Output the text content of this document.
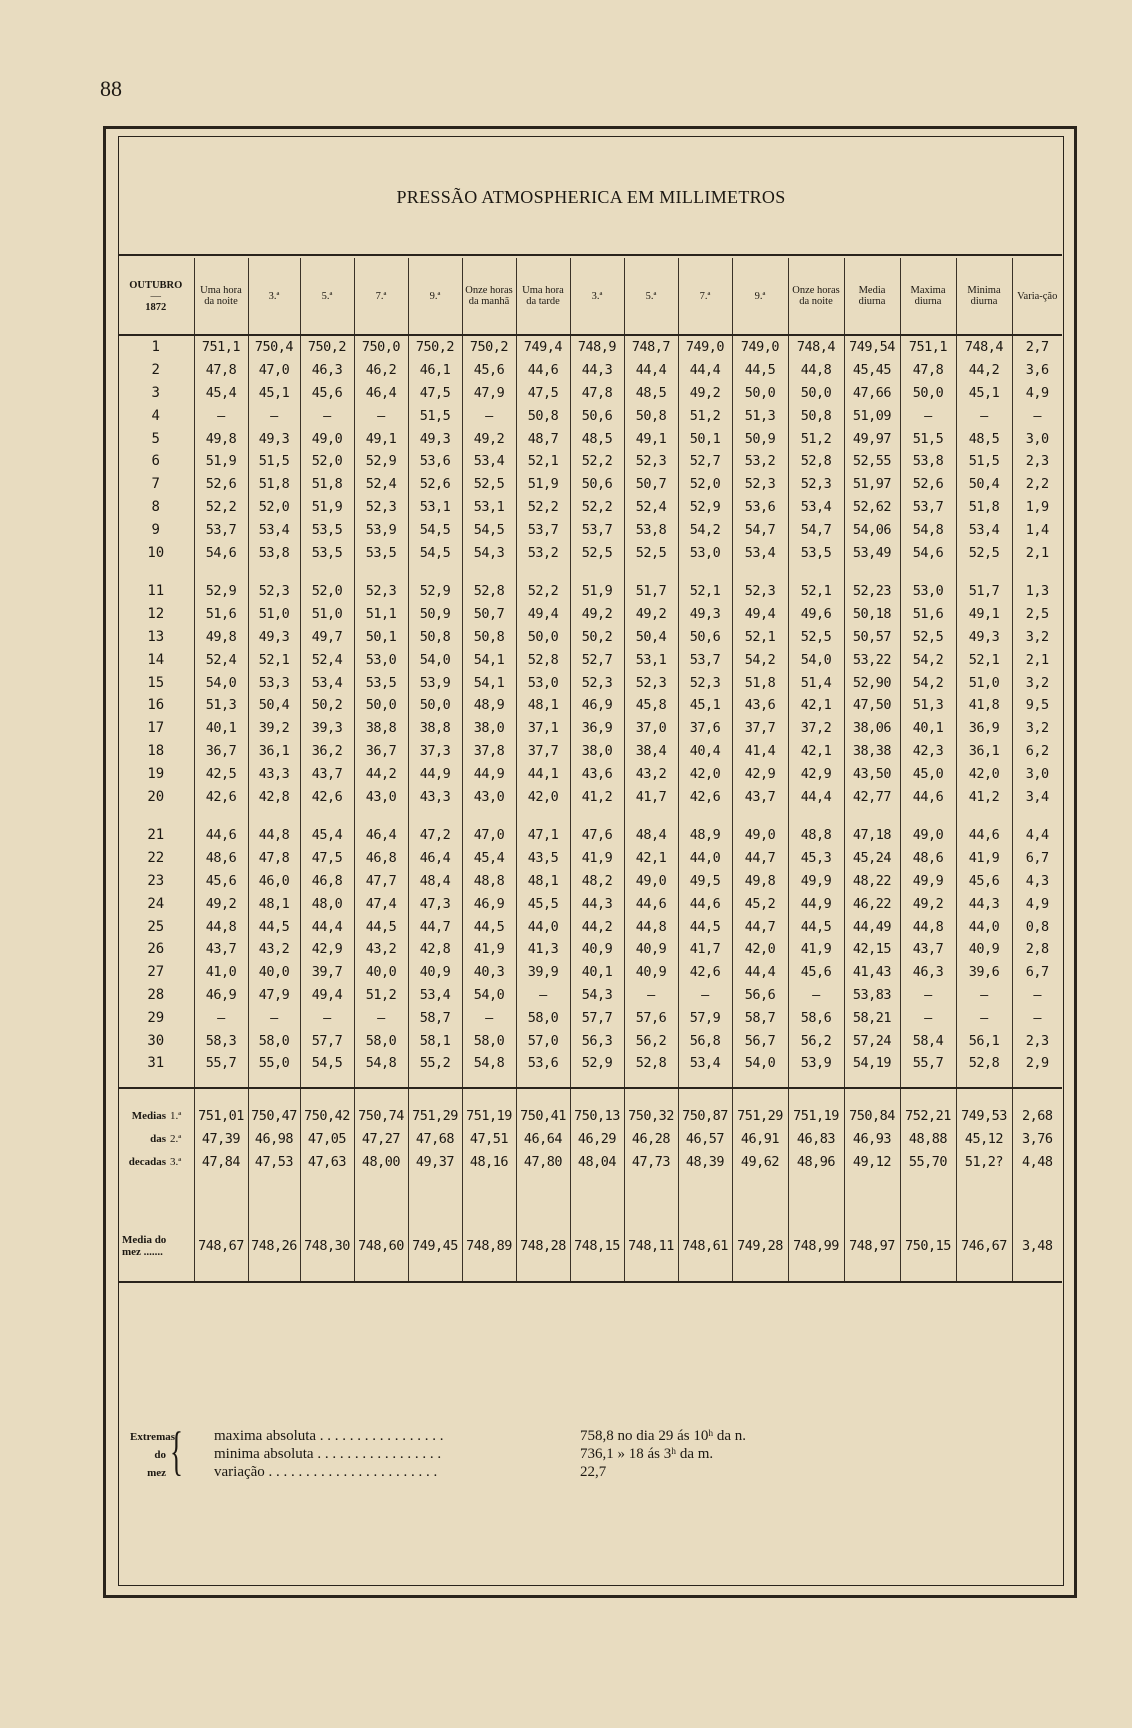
88
PRESSÃO ATMOSPHERICA EM MILLIMETROS
OUTUBRO
—
1872	Uma hora da noite	3.ª	5.ª	7.ª	9.ª	Onze horas da manhã	Uma hora da tarde	3.ª	5.ª	7.ª	9.ª	Onze horas da noite	Media diurna	Maxima diurna	Minima diurna	Varia-ção
1	751,1	750,4	750,2	750,0	750,2	750,2	749,4	748,9	748,7	749,0	749,0	748,4	749,54	751,1	748,4	2,7
2	47,8	47,0	46,3	46,2	46,1	45,6	44,6	44,3	44,4	44,4	44,5	44,8	45,45	47,8	44,2	3,6
3	45,4	45,1	45,6	46,4	47,5	47,9	47,5	47,8	48,5	49,2	50,0	50,0	47,66	50,0	45,1	4,9
4	—	—	—	—	51,5	—	50,8	50,6	50,8	51,2	51,3	50,8	51,09	—	—	—
5	49,8	49,3	49,0	49,1	49,3	49,2	48,7	48,5	49,1	50,1	50,9	51,2	49,97	51,5	48,5	3,0
6	51,9	51,5	52,0	52,9	53,6	53,4	52,1	52,2	52,3	52,7	53,2	52,8	52,55	53,8	51,5	2,3
7	52,6	51,8	51,8	52,4	52,6	52,5	51,9	50,6	50,7	52,0	52,3	52,3	51,97	52,6	50,4	2,2
8	52,2	52,0	51,9	52,3	53,1	53,1	52,2	52,2	52,4	52,9	53,6	53,4	52,62	53,7	51,8	1,9
9	53,7	53,4	53,5	53,9	54,5	54,5	53,7	53,7	53,8	54,2	54,7	54,7	54,06	54,8	53,4	1,4
10	54,6	53,8	53,5	53,5	54,5	54,3	53,2	52,5	52,5	53,0	53,4	53,5	53,49	54,6	52,5	2,1

11	52,9	52,3	52,0	52,3	52,9	52,8	52,2	51,9	51,7	52,1	52,3	52,1	52,23	53,0	51,7	1,3
12	51,6	51,0	51,0	51,1	50,9	50,7	49,4	49,2	49,2	49,3	49,4	49,6	50,18	51,6	49,1	2,5
13	49,8	49,3	49,7	50,1	50,8	50,8	50,0	50,2	50,4	50,6	52,1	52,5	50,57	52,5	49,3	3,2
14	52,4	52,1	52,4	53,0	54,0	54,1	52,8	52,7	53,1	53,7	54,2	54,0	53,22	54,2	52,1	2,1
15	54,0	53,3	53,4	53,5	53,9	54,1	53,0	52,3	52,3	52,3	51,8	51,4	52,90	54,2	51,0	3,2
16	51,3	50,4	50,2	50,0	50,0	48,9	48,1	46,9	45,8	45,1	43,6	42,1	47,50	51,3	41,8	9,5
17	40,1	39,2	39,3	38,8	38,8	38,0	37,1	36,9	37,0	37,6	37,7	37,2	38,06	40,1	36,9	3,2
18	36,7	36,1	36,2	36,7	37,3	37,8	37,7	38,0	38,4	40,4	41,4	42,1	38,38	42,3	36,1	6,2
19	42,5	43,3	43,7	44,2	44,9	44,9	44,1	43,6	43,2	42,0	42,9	42,9	43,50	45,0	42,0	3,0
20	42,6	42,8	42,6	43,0	43,3	43,0	42,0	41,2	41,7	42,6	43,7	44,4	42,77	44,6	41,2	3,4

21	44,6	44,8	45,4	46,4	47,2	47,0	47,1	47,6	48,4	48,9	49,0	48,8	47,18	49,0	44,6	4,4
22	48,6	47,8	47,5	46,8	46,4	45,4	43,5	41,9	42,1	44,0	44,7	45,3	45,24	48,6	41,9	6,7
23	45,6	46,0	46,8	47,7	48,4	48,8	48,1	48,2	49,0	49,5	49,8	49,9	48,22	49,9	45,6	4,3
24	49,2	48,1	48,0	47,4	47,3	46,9	45,5	44,3	44,6	44,6	45,2	44,9	46,22	49,2	44,3	4,9
25	44,8	44,5	44,4	44,5	44,7	44,5	44,0	44,2	44,8	44,5	44,7	44,5	44,49	44,8	44,0	0,8
26	43,7	43,2	42,9	43,2	42,8	41,9	41,3	40,9	40,9	41,7	42,0	41,9	42,15	43,7	40,9	2,8
27	41,0	40,0	39,7	40,0	40,9	40,3	39,9	40,1	40,9	42,6	44,4	45,6	41,43	46,3	39,6	6,7
28	46,9	47,9	49,4	51,2	53,4	54,0	—	54,3	—	—	56,6	—	53,83	—	—	—
29	—	—	—	—	58,7	—	58,0	57,7	57,6	57,9	58,7	58,6	58,21	—	—	—
30	58,3	58,0	57,7	58,0	58,1	58,0	57,0	56,3	56,2	56,8	56,7	56,2	57,24	58,4	56,1	2,3
31	55,7	55,0	54,5	54,8	55,2	54,8	53,6	52,9	52,8	53,4	54,0	53,9	54,19	55,7	52,8	2,9

Medias 1.ª	751,01	750,47	750,42	750,74	751,29	751,19	750,41	750,13	750,32	750,87	751,29	751,19	750,84	752,21	749,53	2,68
das 2.ª	47,39	46,98	47,05	47,27	47,68	47,51	46,64	46,29	46,28	46,57	46,91	46,83	46,93	48,88	45,12	3,76
decadas 3.ª	47,84	47,53	47,63	48,00	49,37	48,16	47,80	48,04	47,73	48,39	49,62	48,96	49,12	55,70	51,2?	4,48

Media do
mez .......	748,67	748,26	748,30	748,60	749,45	748,89	748,28	748,15	748,11	748,61	749,28	748,99	748,97	750,15	746,67	3,48

Extremas
do
mez { maxima absoluta . . . . . . . . . . . . . . . . .	758,8 no dia 29 ás 10ʰ da n.
minima absoluta . . . . . . . . . . . . . . . . .	736,1 » 18 ás 3ʰ da m.
variação . . . . . . . . . . . . . . . . . . . . . . .	22,7
